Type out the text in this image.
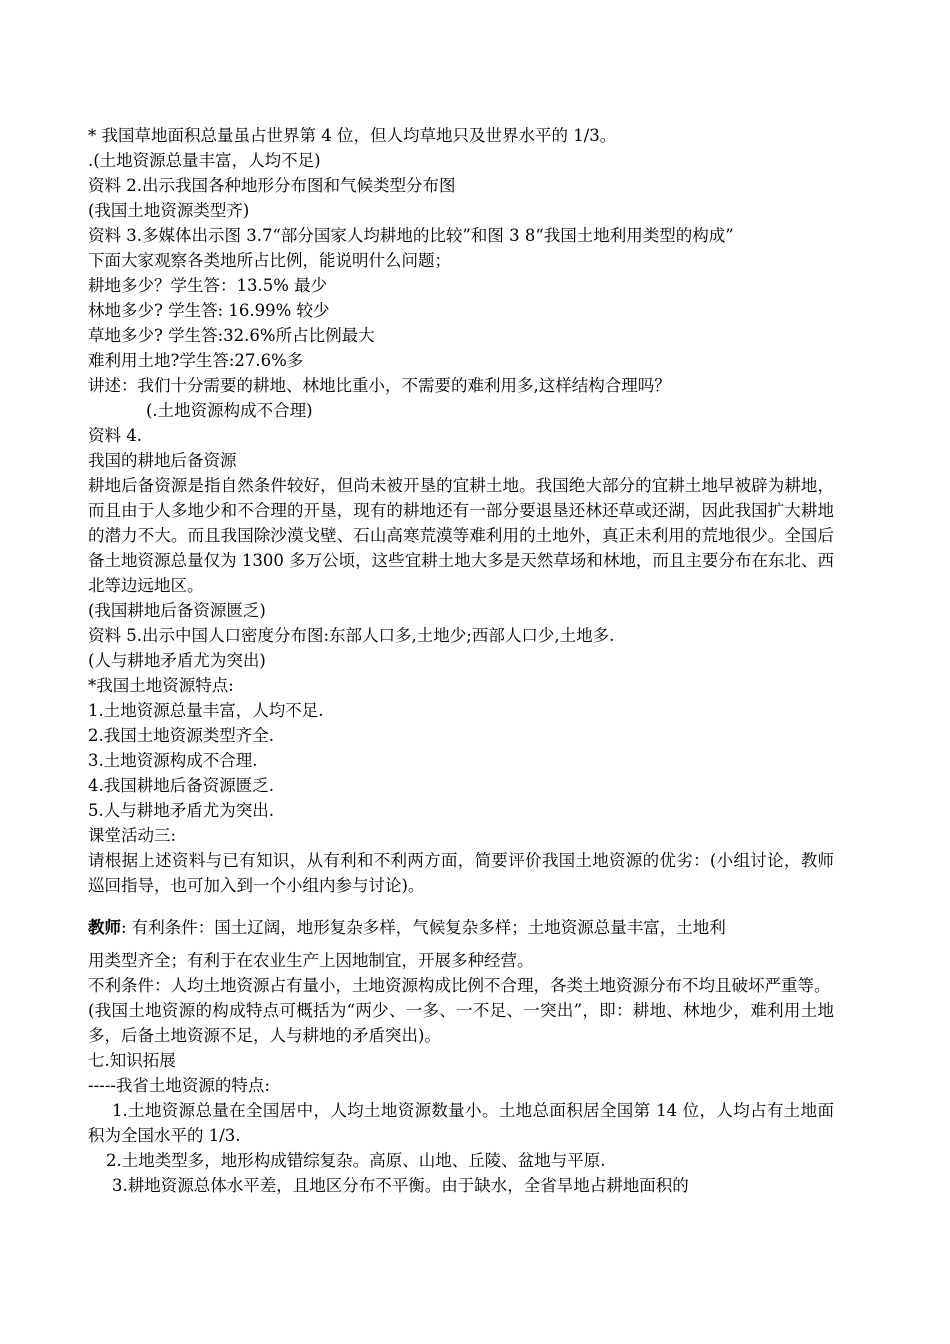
* 我国草地面积总量虽占世界第 4 位，但人均草地只及世界水平的 1/3。
.(土地资源总量丰富，人均不足)
资料 2.出示我国各种地形分布图和气候类型分布图
(我国土地资源类型齐)
资料 3.多媒体出示图 3.7“部分国家人均耕地的比较”和图 3 8“我国土地利用类型的构成”
下面大家观察各类地所占比例，能说明什么问题；
耕地多少？学生答：13.5% 最少
林地多少? 学生答: 16.99% 较少
草地多少? 学生答:32.6%所占比例最大
难利用土地?学生答:27.6%多
讲述：我们十分需要的耕地、林地比重小，不需要的难利用多,这样结构合理吗？
(.土地资源构成不合理)
资料 4.
我国的耕地后备资源
耕地后备资源是指自然条件较好，但尚未被开垦的宜耕土地。我国绝大部分的宜耕土地早被辟为耕地，而且由于人多地少和不合理的开垦，现有的耕地还有一部分要退垦还林还草或还湖，因此我国扩大耕地的潜力不大。而且我国除沙漠戈壁、石山高寒荒漠等难利用的土地外，真正未利用的荒地很少。全国后备土地资源总量仅为 1300 多万公顷，这些宜耕土地大多是天然草场和林地，而且主要分布在东北、西北等边远地区。
(我国耕地后备资源匮乏)
资料 5.出示中国人口密度分布图:东部人口多,土地少;西部人口少,土地多.
(人与耕地矛盾尤为突出)
*我国土地资源特点:
1.土地资源总量丰富，人均不足.
2.我国土地资源类型齐全.
3.土地资源构成不合理.
4.我国耕地后备资源匮乏.
5.人与耕地矛盾尤为突出.
课堂活动三:
请根据上述资料与已有知识，从有利和不利两方面，简要评价我国土地资源的优劣：(小组讨论，教师巡回指导，也可加入到一个小组内参与讨论)。
教师: 有利条件：国土辽阔，地形复杂多样，气候复杂多样；土地资源总量丰富，土地利
用类型齐全；有利于在农业生产上因地制宜，开展多种经营。
不利条件：人均土地资源占有量小，土地资源构成比例不合理，各类土地资源分布不均且破坏严重等。
(我国土地资源的构成特点可概括为“两少、一多、一不足、一突出”，即：耕地、林地少，难利用土地多，后备土地资源不足，人与耕地的矛盾突出)。
七.知识拓展
-----我省土地资源的特点:
1.土地资源总量在全国居中，人均土地资源数量小。土地总面积居全国第 14 位，人均占有土地面积为全国水平的 1/3.
2.土地类型多，地形构成错综复杂。高原、山地、丘陵、盆地与平原.
3.耕地资源总体水平差，且地区分布不平衡。由于缺水，全省旱地占耕地面积的
